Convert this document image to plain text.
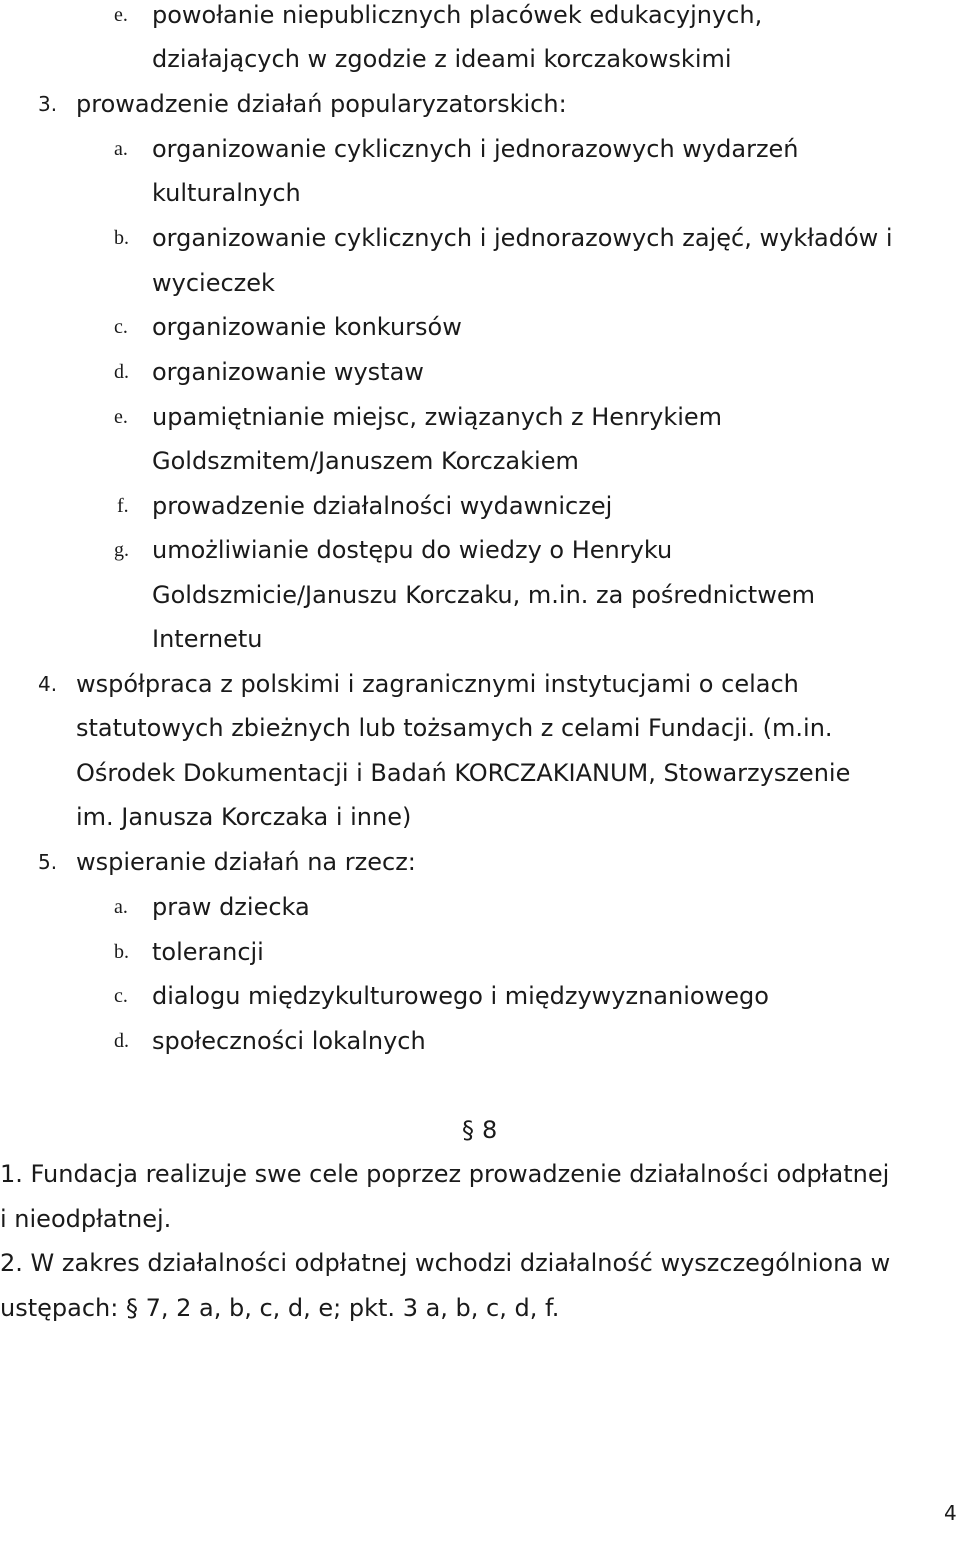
e. powołanie niepublicznych placówek edukacyjnych,
działających w zgodzie z ideami korczakowskimi
3. prowadzenie działań popularyzatorskich:
a. organizowanie cyklicznych i jednorazowych wydarzeń
kulturalnych
b. organizowanie cyklicznych i jednorazowych zajęć, wykładów i
wycieczek
c. organizowanie konkursów
d. organizowanie wystaw
e. upamiętnianie miejsc, związanych z Henrykiem
Goldszmitem/Januszem Korczakiem
f. prowadzenie działalności wydawniczej
g. umożliwianie dostępu do wiedzy o Henryku
Goldszmicie/Januszu Korczaku, m.in. za pośrednictwem
Internetu
4. współpraca z polskimi i zagranicznymi instytucjami o celach
statutowych zbieżnych lub tożsamych z celami Fundacji. (m.in.
Ośrodek Dokumentacji i Badań KORCZAKIANUM, Stowarzyszenie
im. Janusza Korczaka i inne)
5. wspieranie działań na rzecz:
a. praw dziecka
b. tolerancji
c. dialogu międzykulturowego i międzywyznaniowego
d. społeczności lokalnych
§ 8
1. Fundacja realizuje swe cele poprzez prowadzenie działalności odpłatnej
i nieodpłatnej.
2. W zakres działalności odpłatnej wchodzi działalność wyszczególniona w
ustępach: § 7, 2 a, b, c, d, e; pkt. 3 a, b, c, d, f.
4
